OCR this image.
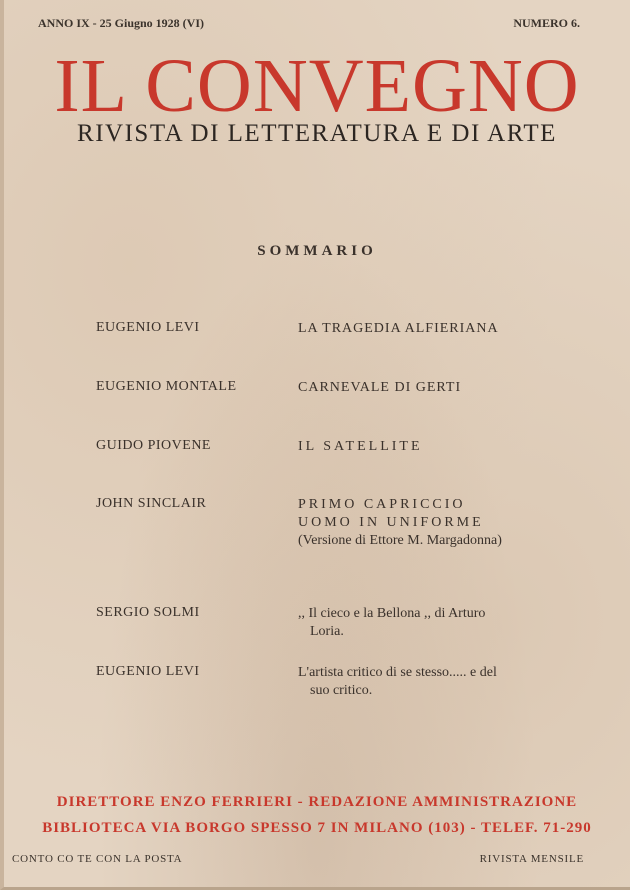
ANNO IX - 25 Giugno 1928 (VI)	NUMERO 6.
IL CONVEGNO
RIVISTA DI LETTERATURA E DI ARTE
SOMMARIO
EUGENIO LEVI	LA TRAGEDIA ALFIERIANA
EUGENIO MONTALE	CARNEVALE DI GERTI
GUIDO PIOVENE	IL SATELLITE
JOHN SINCLAIR	PRIMO CAPRICCIO
UOMO IN UNIFORME
(Versione di Ettore M. Margadonna)
SERGIO SOLMI	,, Il cieco e la Bellona ,, di Arturo
Loria.
EUGENIO LEVI	L'artista critico di se stesso..... e del
suo critico.
DIRETTORE ENZO FERRIERI - REDAZIONE AMMINISTRAZIONE
BIBLIOTECA VIA BORGO SPESSO 7 IN MILANO (103) - TELEF. 71-290
CONTO CO TE CON LA POSTA	RIVISTA MENSILE
